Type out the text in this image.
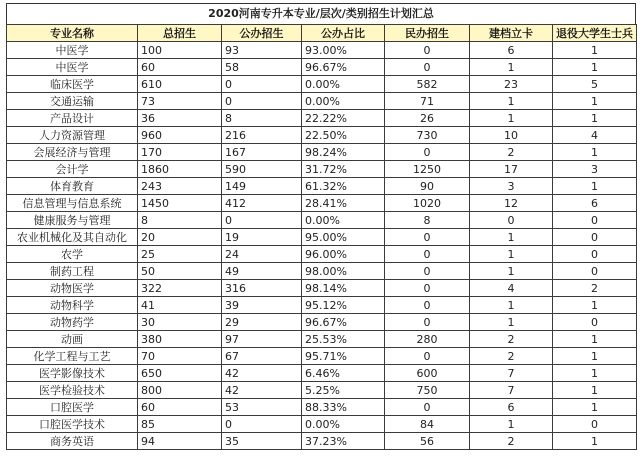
2020河南专升本专业/层次/类别招生计划汇总
专业名称	总招生	公办招生	公办占比	民办招生	建档立卡	退役大学生士兵
中医学	100	93	93.00%	0	6	1
中医学	60	58	96.67%	0	1	1
临床医学	610	0	0.00%	582	23	5
交通运输	73	0	0.00%	71	1	1
产品设计	36	8	22.22%	26	1	1
人力资源管理	960	216	22.50%	730	10	4
会展经济与管理	170	167	98.24%	0	2	1
会计学	1860	590	31.72%	1250	17	3
体育教育	243	149	61.32%	90	3	1
信息管理与信息系统	1450	412	28.41%	1020	12	6
健康服务与管理	8	0	0.00%	8	0	0
农业机械化及其自动化	20	19	95.00%	0	1	0
农学	25	24	96.00%	0	1	0
制药工程	50	49	98.00%	0	1	0
动物医学	322	316	98.14%	0	4	2
动物科学	41	39	95.12%	0	1	1
动物药学	30	29	96.67%	0	1	0
动画	380	97	25.53%	280	2	1
化学工程与工艺	70	67	95.71%	0	2	1
医学影像技术	650	42	6.46%	600	7	1
医学检验技术	800	42	5.25%	750	7	1
口腔医学	60	53	88.33%	0	6	1
口腔医学技术	85	0	0.00%	84	1	0
商务英语	94	35	37.23%	56	2	1
